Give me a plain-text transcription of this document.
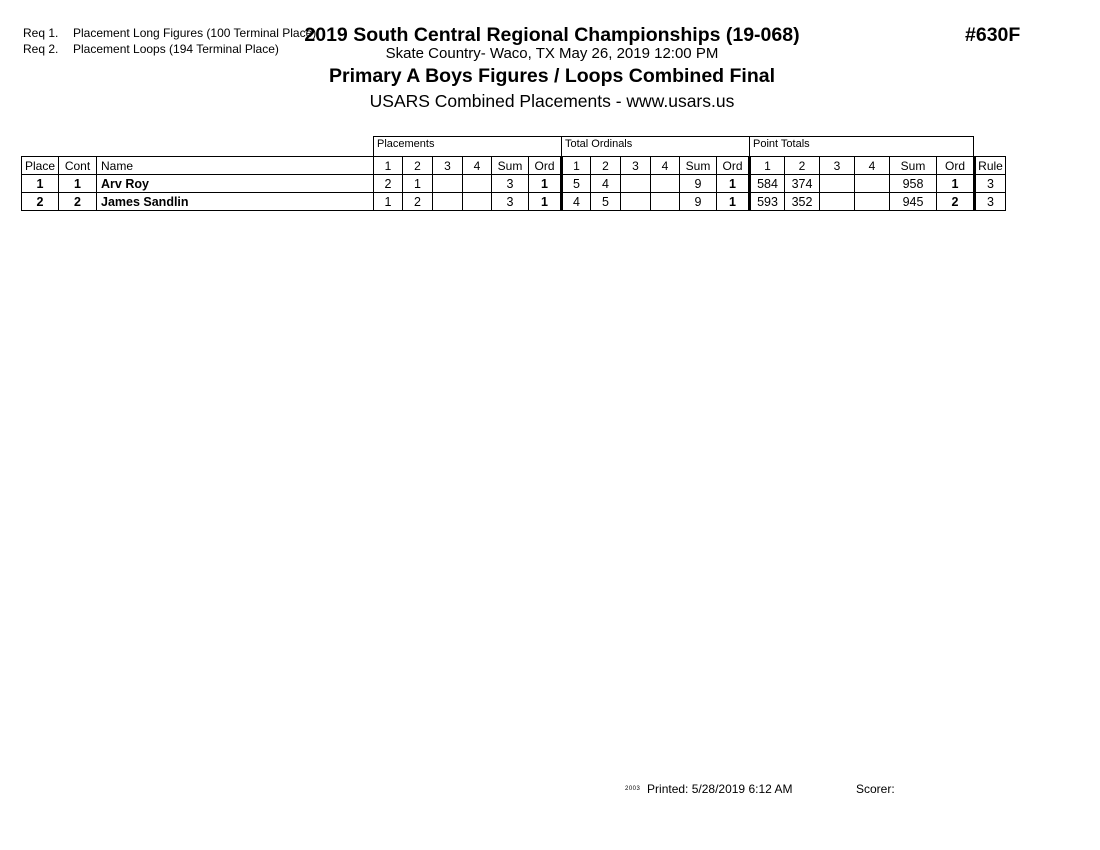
Req 1. Placement Long Figures (100 Terminal Place)
Req 2. Placement Loops (194 Terminal Place)
2019 South Central Regional Championships (19-068)
Skate Country- Waco, TX May 26, 2019 12:00 PM
Primary A Boys Figures / Loops Combined Final
USARS Combined Placements - www.usars.us
#630F
Placements	Total Ordinals	Point Totals
Place	Cont	Name	1	2	3	4	Sum	Ord	1	2	3	4	Sum	Ord	1	2	3	4	Sum	Ord	Rule
1	1	Arv Roy	2	1			3	1	5	4			9	1	584	374			958	1	3
2	2	James Sandlin	1	2			3	1	4	5			9	1	593	352			945	2	3
$^{2003}$ Printed: 5/28/2019 6:12 AM	Scorer:
